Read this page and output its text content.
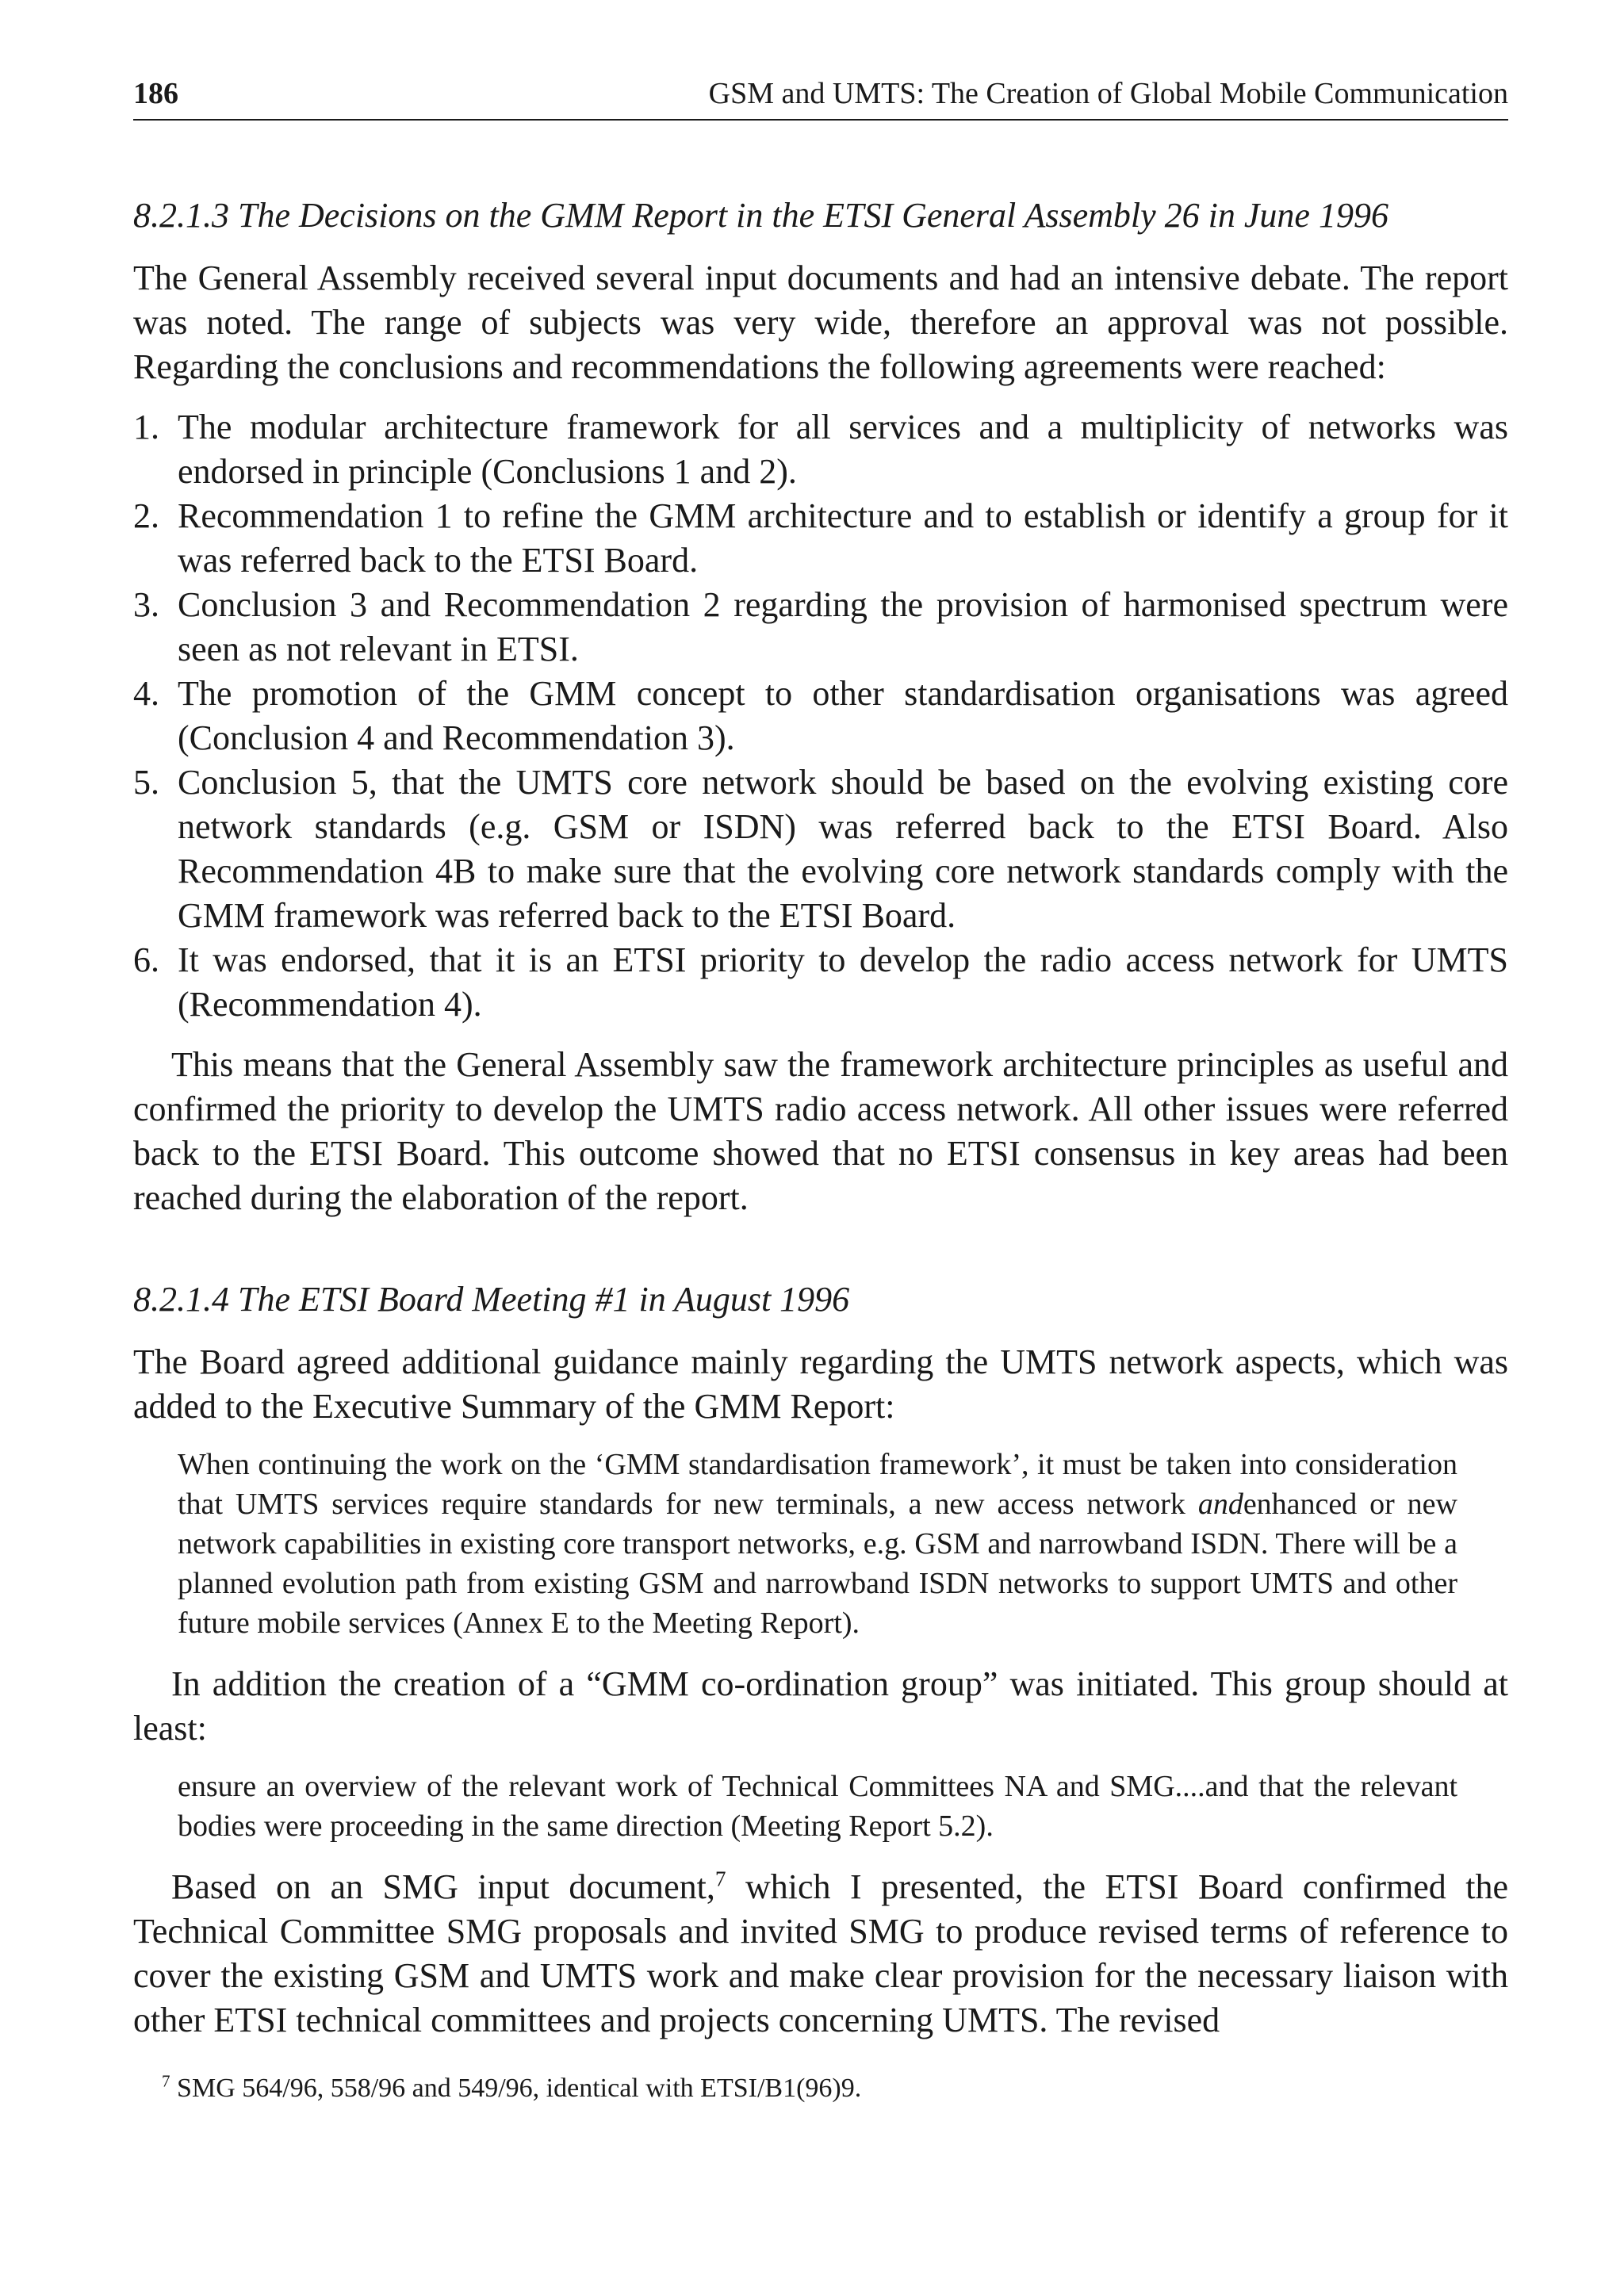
186	GSM and UMTS: The Creation of Global Mobile Communication
8.2.1.3 The Decisions on the GMM Report in the ETSI General Assembly 26 in June 1996

The General Assembly received several input documents and had an intensive debate. The report was noted. The range of subjects was very wide, therefore an approval was not possible. Regarding the conclusions and recommendations the following agreements were reached:

1. The modular architecture framework for all services and a multiplicity of networks was endorsed in principle (Conclusions 1 and 2).
2. Recommendation 1 to refine the GMM architecture and to establish or identify a group for it was referred back to the ETSI Board.
3. Conclusion 3 and Recommendation 2 regarding the provision of harmonised spectrum were seen as not relevant in ETSI.
4. The promotion of the GMM concept to other standardisation organisations was agreed (Conclusion 4 and Recommendation 3).
5. Conclusion 5, that the UMTS core network should be based on the evolving existing core network standards (e.g. GSM or ISDN) was referred back to the ETSI Board. Also Recommendation 4B to make sure that the evolving core network standards comply with the GMM framework was referred back to the ETSI Board.
6. It was endorsed, that it is an ETSI priority to develop the radio access network for UMTS (Recommendation 4).

This means that the General Assembly saw the framework architecture principles as useful and confirmed the priority to develop the UMTS radio access network. All other issues were referred back to the ETSI Board. This outcome showed that no ETSI consensus in key areas had been reached during the elaboration of the report.

8.2.1.4 The ETSI Board Meeting #1 in August 1996

The Board agreed additional guidance mainly regarding the UMTS network aspects, which was added to the Executive Summary of the GMM Report:

When continuing the work on the ‘GMM standardisation framework’, it must be taken into consideration that UMTS services require standards for new terminals, a new access network andenhanced or new network capabilities in existing core transport networks, e.g. GSM and narrowband ISDN. There will be a planned evolution path from existing GSM and narrowband ISDN networks to support UMTS and other future mobile services (Annex E to the Meeting Report).

In addition the creation of a “GMM co-ordination group” was initiated. This group should at least:

ensure an overview of the relevant work of Technical Committees NA and SMG....and that the relevant bodies were proceeding in the same direction (Meeting Report 5.2).

Based on an SMG input document,$^7$ which I presented, the ETSI Board confirmed the Technical Committee SMG proposals and invited SMG to produce revised terms of reference to cover the existing GSM and UMTS work and make clear provision for the necessary liaison with other ETSI technical committees and projects concerning UMTS. The revised

$^7$ SMG 564/96, 558/96 and 549/96, identical with ETSI/B1(96)9.
